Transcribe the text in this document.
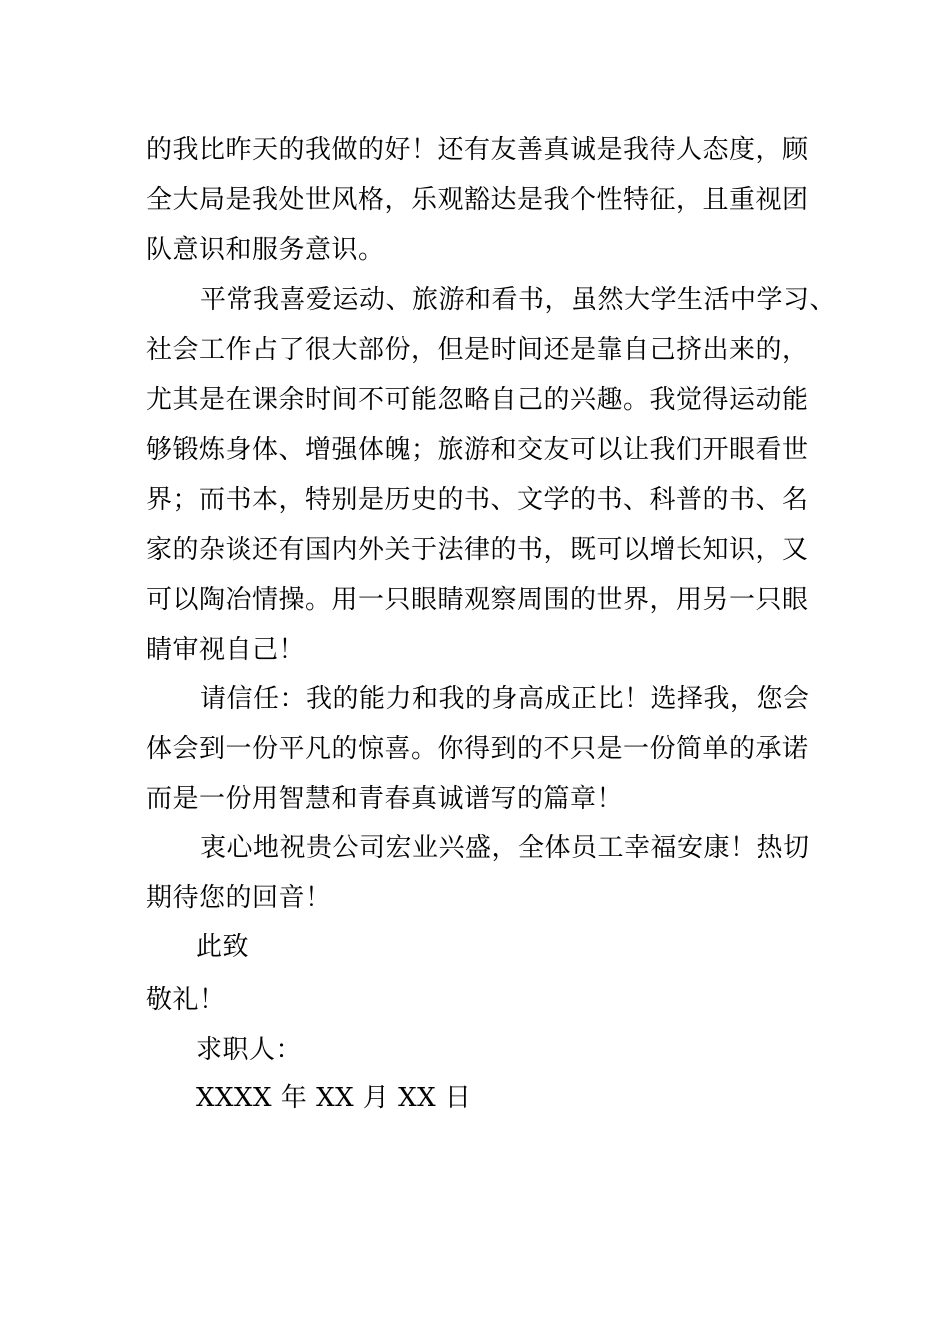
的我比昨天的我做的好！还有友善真诚是我待人态度，顾
全大局是我处世风格，乐观豁达是我个性特征，且重视团
队意识和服务意识。
平常我喜爱运动、旅游和看书，虽然大学生活中学习、
社会工作占了很大部份，但是时间还是靠自己挤出来的，
尤其是在课余时间不可能忽略自己的兴趣。我觉得运动能
够锻炼身体、增强体魄；旅游和交友可以让我们开眼看世
界；而书本，特别是历史的书、文学的书、科普的书、名
家的杂谈还有国内外关于法律的书，既可以增长知识，又
可以陶冶情操。用一只眼睛观察周围的世界，用另一只眼
睛审视自己！
请信任：我的能力和我的身高成正比！选择我，您会
体会到一份平凡的惊喜。你得到的不只是一份简单的承诺
而是一份用智慧和青春真诚谱写的篇章！
衷心地祝贵公司宏业兴盛，全体员工幸福安康！热切
期待您的回音！
此致
敬礼！
求职人：
XXXX 年 XX 月 XX 日
